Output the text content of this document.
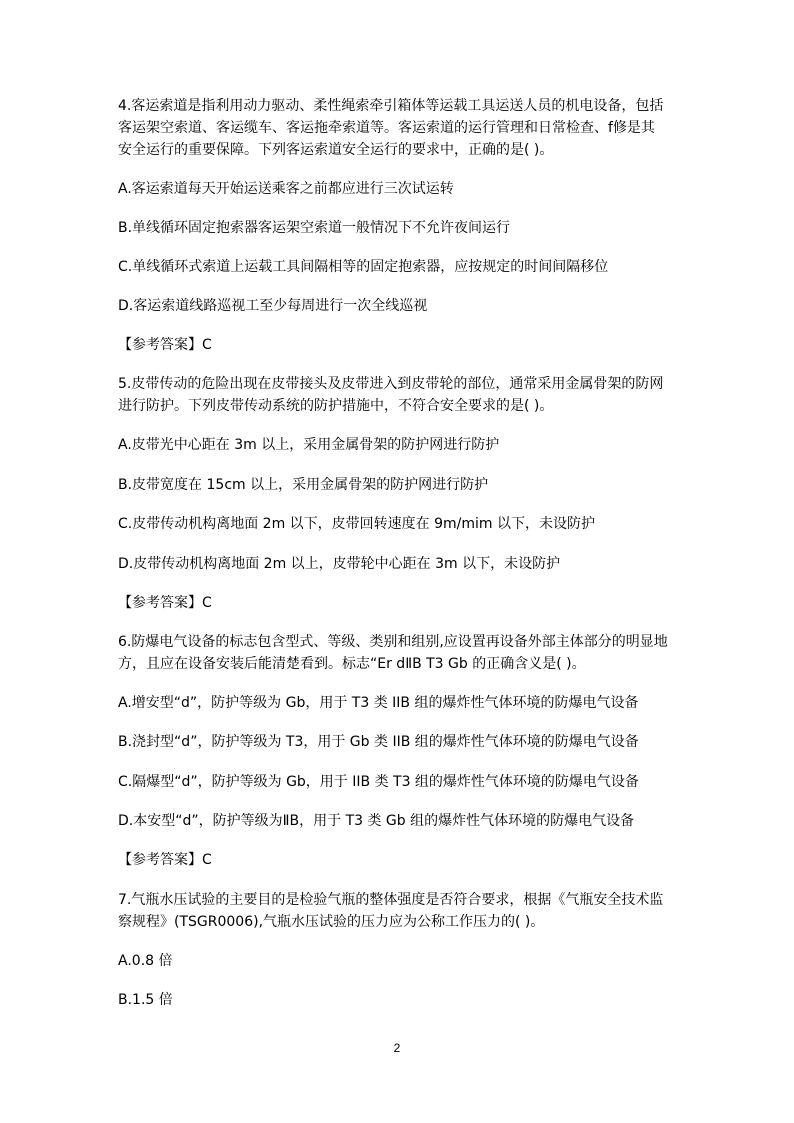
4.客运索道是指利用动力驱动、柔性绳索牵引箱体等运载工具运送人员的机电设备，包括
客运架空索道、客运缆车、客运拖牵索道等。客运索道的运行管理和日常检查、f修是其
安全运行的重要保障。下列客运索道安全运行的要求中，正确的是( )。
A.客运索道每天开始运送乘客之前都应进行三次试运转
B.单线循环固定抱索器客运架空索道一般情况下不允许夜间运行
C.单线循环式索道上运载工具间隔相等的固定抱索器，应按规定的时间间隔移位
D.客运索道线路巡视工至少每周进行一次全线巡视
【参考答案】C
5.皮带传动的危险出现在皮带接头及皮带进入到皮带轮的部位，通常采用金属骨架的防网
进行防护。下列皮带传动系统的防护措施中，不符合安全要求的是( )。
A.皮带光中心距在 3m 以上，采用金属骨架的防护网进行防护
B.皮带宽度在 15cm 以上，采用金属骨架的防护网进行防护
C.皮带传动机构离地面 2m 以下，皮带回转速度在 9m/mim 以下，未设防护
D.皮带传动机构离地面 2m 以上，皮带轮中心距在 3m 以下，未设防护
【参考答案】C
6.防爆电气设备的标志包含型式、等级、类别和组别,应设置再设备外部主体部分的明显地
方，且应在设备安装后能清楚看到。标志“Er dⅡB T3 Gb 的正确含义是( )。
A.增安型“d”，防护等级为 Gb，用于 T3 类 IIB 组的爆炸性气体环境的防爆电气设备
B.浇封型“d”，防护等级为 T3，用于 Gb 类 IIB 组的爆炸性气体环境的防爆电气设备
C.隔爆型“d”，防护等级为 Gb，用于 IIB 类 T3 组的爆炸性气体环境的防爆电气设备
D.本安型“d”，防护等级为ⅡB，用于 T3 类 Gb 组的爆炸性气体环境的防爆电气设备
【参考答案】C
7.气瓶水压试验的主要目的是检验气瓶的整体强度是否符合要求，根据《气瓶安全技术监
察规程》(TSGR0006),气瓶水压试验的压力应为公称工作压力的( )。
A.0.8 倍
B.1.5 倍
2
